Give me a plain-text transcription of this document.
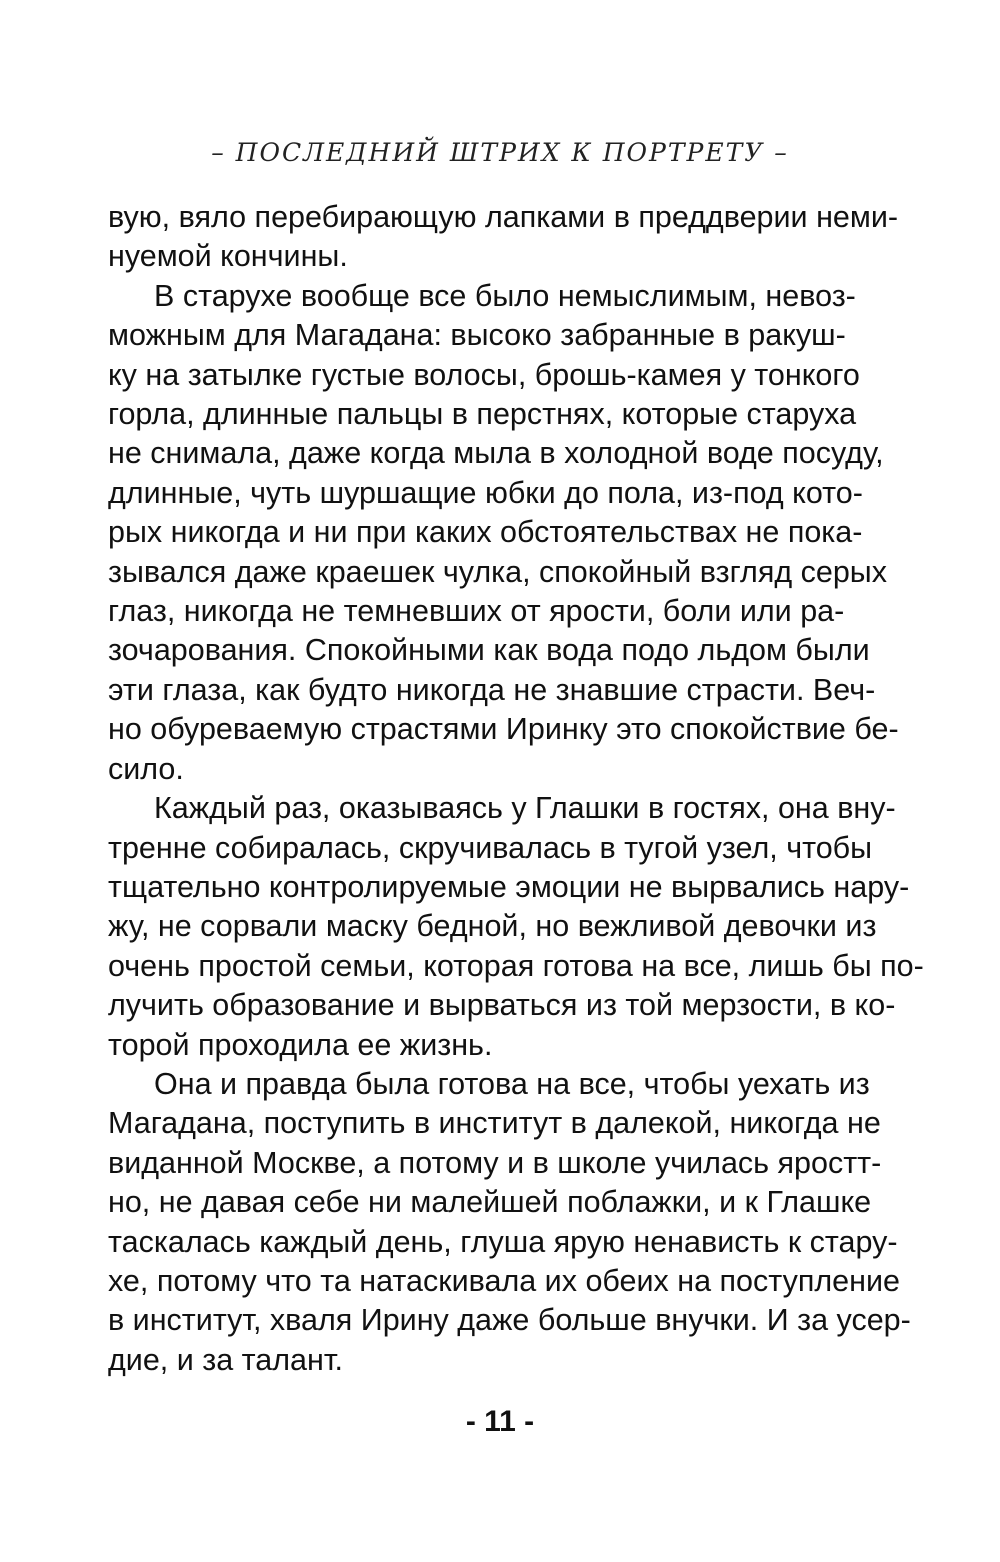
– ПОСЛЕДНИЙ ШТРИХ К ПОРТРЕТУ –
вую, вяло перебирающую лапками в преддверии неми-
нуемой кончины.
В старухе вообще все было немыслимым, невоз-
можным для Магадана: высоко забранные в ракуш-
ку на затылке густые волосы, брошь-камея у тонкого
горла, длинные пальцы в перстнях, которые старуха
не снимала, даже когда мыла в холодной воде посуду,
длинные, чуть шуршащие юбки до пола, из-под кото-
рых никогда и ни при каких обстоятельствах не пока-
зывался даже краешек чулка, спокойный взгляд серых
глаз, никогда не темневших от ярости, боли или ра-
зочарования. Спокойными как вода подо льдом были
эти глаза, как будто никогда не знавшие страсти. Веч-
но обуреваемую страстями Иринку это спокойствие бе-
сило.
Каждый раз, оказываясь у Глашки в гостях, она вну-
тренне собиралась, скручивалась в тугой узел, чтобы
тщательно контролируемые эмоции не вырвались нару-
жу, не сорвали маску бедной, но вежливой девочки из
очень простой семьи, которая готова на все, лишь бы по-
лучить образование и вырваться из той мерзости, в ко-
торой проходила ее жизнь.
Она и правда была готова на все, чтобы уехать из
Магадана, поступить в институт в далекой, никогда не
виданной Москве, а потому и в школе училась яростт-
но, не давая себе ни малейшей поблажки, и к Глашке
таскалась каждый день, глуша ярую ненависть к стару-
хе, потому что та натаскивала их обеих на поступление
в институт, хваля Ирину даже больше внучки. И за усер-
дие, и за талант.
- 11 -
